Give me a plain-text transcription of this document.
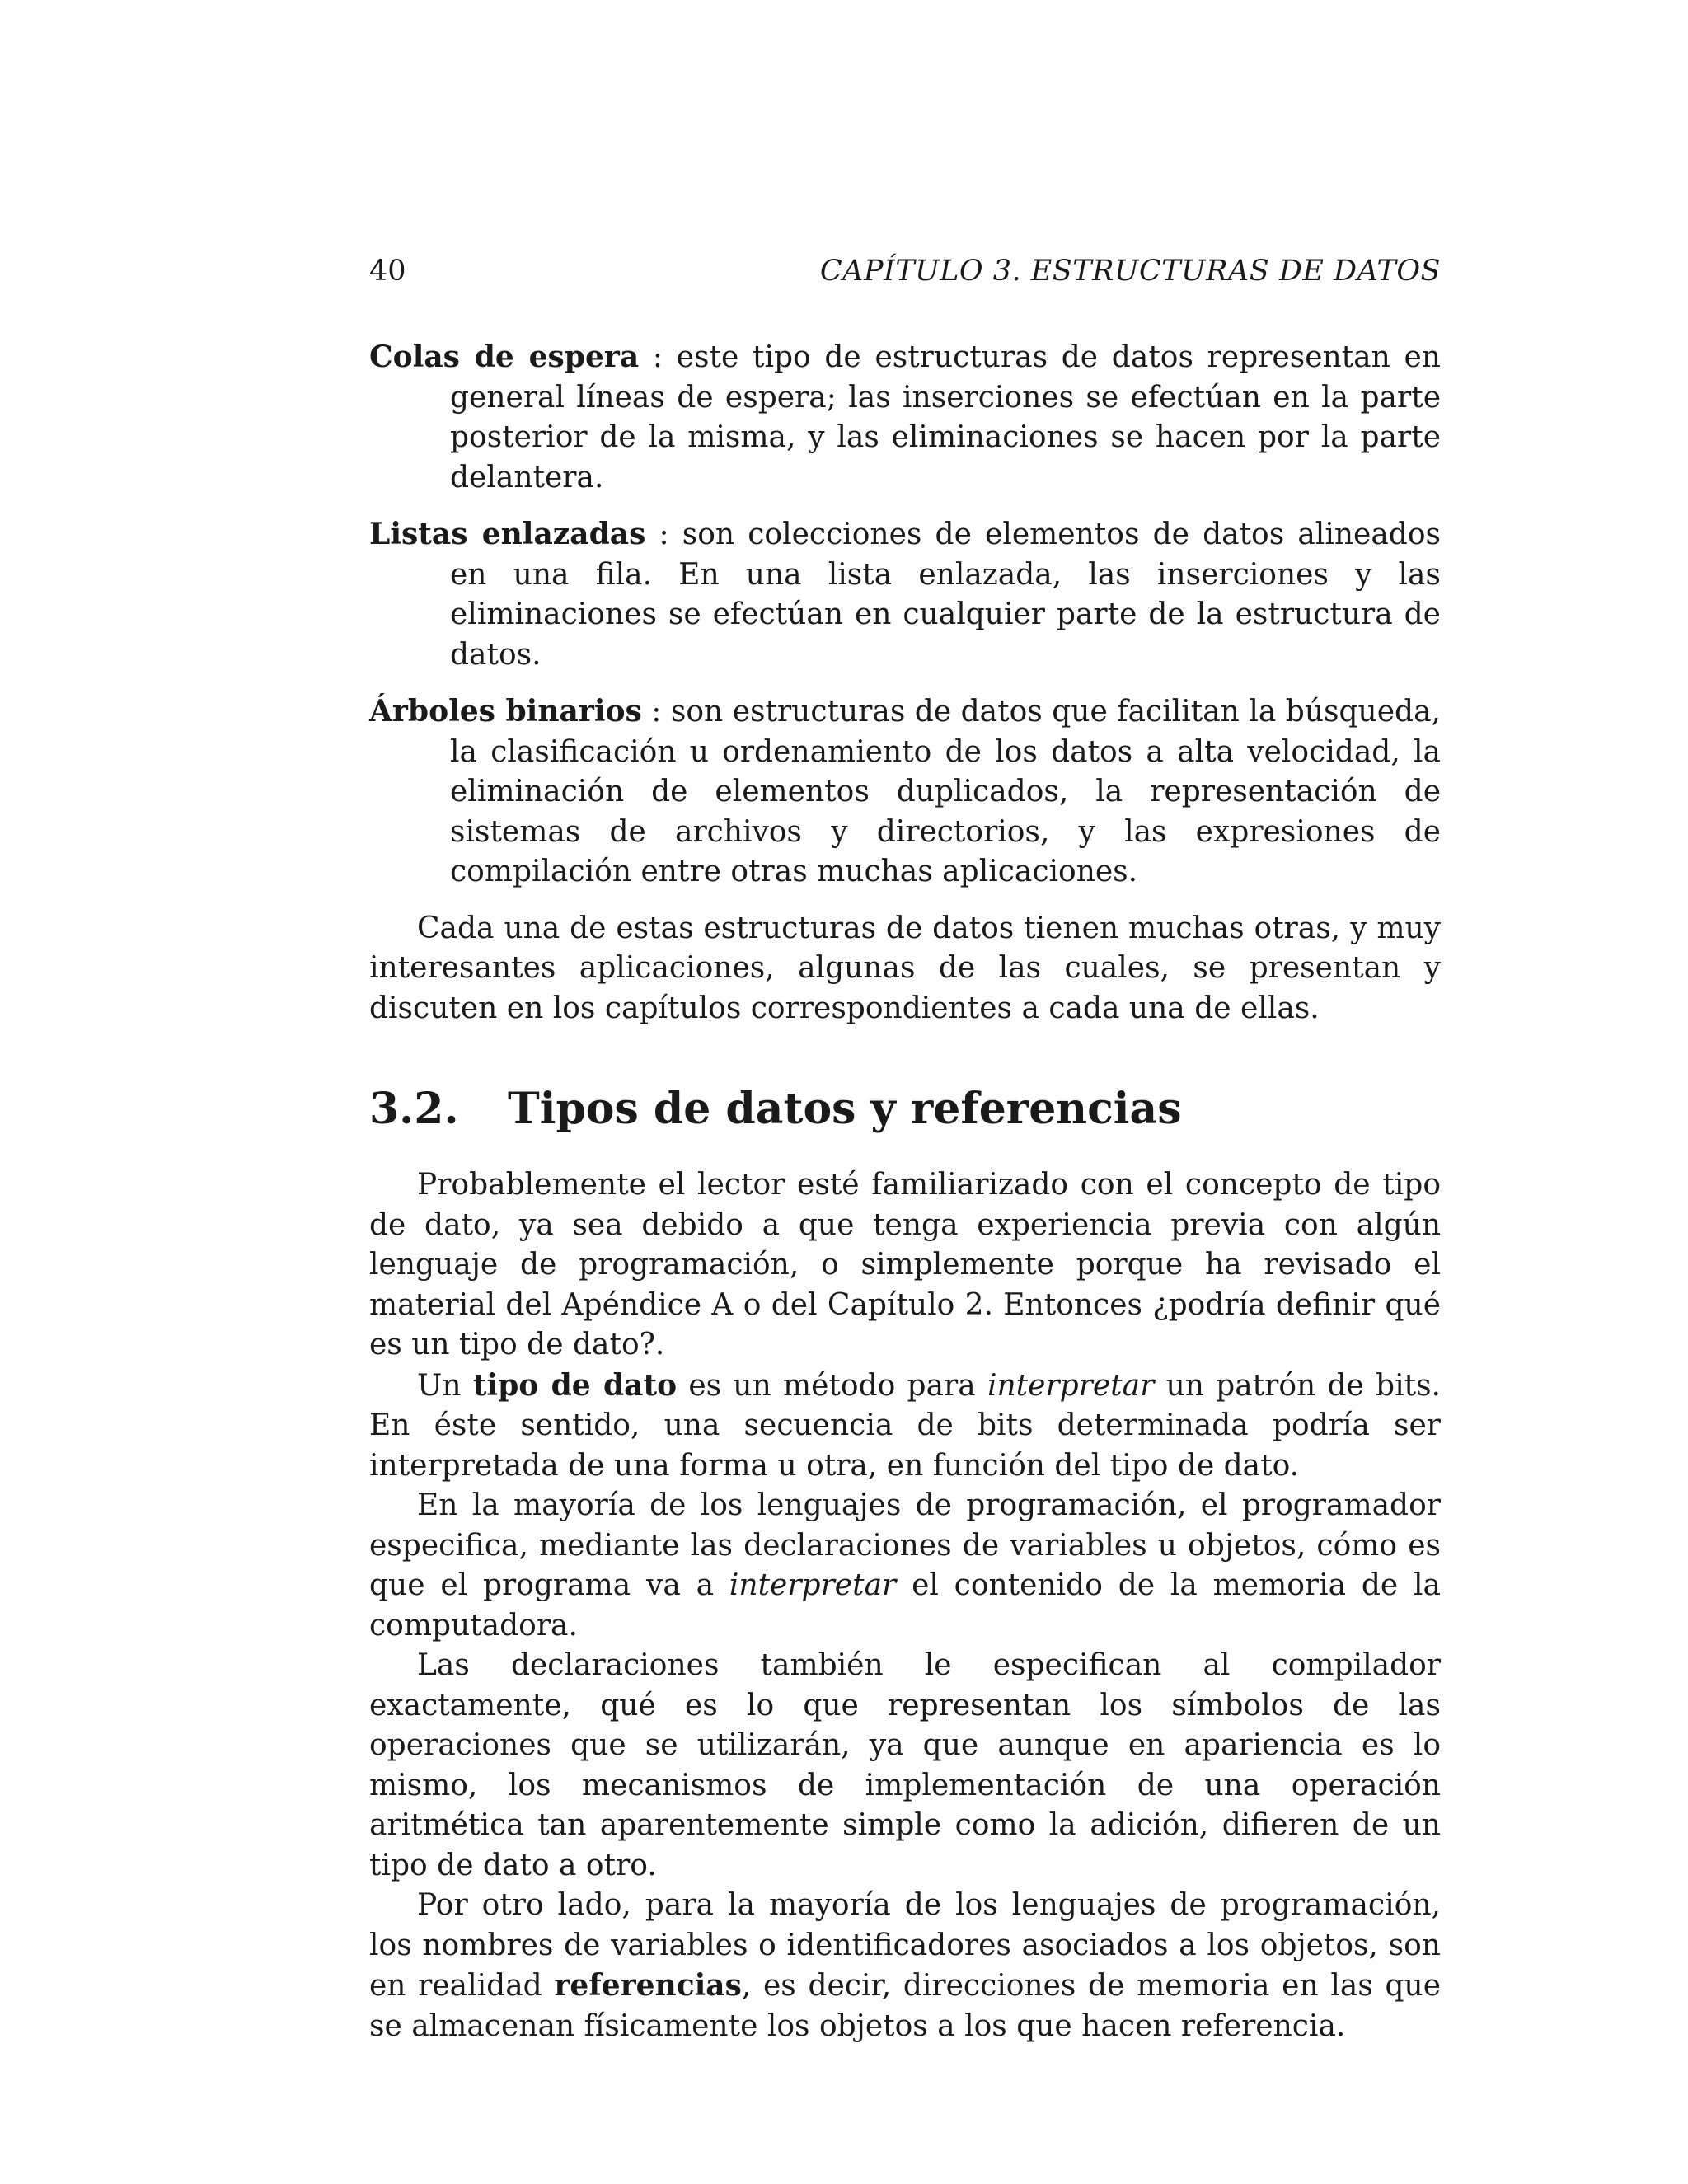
40	CAPÍTULO 3. ESTRUCTURAS DE DATOS

Colas de espera : este tipo de estructuras de datos representan en general líneas de espera; las inserciones se efectúan en la parte posterior de la misma, y las eliminaciones se hacen por la parte delantera.

Listas enlazadas : son colecciones de elementos de datos alineados en una fila. En una lista enlazada, las inserciones y las eliminaciones se efectúan en cualquier parte de la estructura de datos.

Árboles binarios : son estructuras de datos que facilitan la búsqueda, la clasificación u ordenamiento de los datos a alta velocidad, la eliminación de elementos duplicados, la representación de sistemas de archivos y directorios, y las expresiones de compilación entre otras muchas aplicaciones.

Cada una de estas estructuras de datos tienen muchas otras, y muy interesantes aplicaciones, algunas de las cuales, se presentan y discuten en los capítulos correspondientes a cada una de ellas.

3.2.	Tipos de datos y referencias

Probablemente el lector esté familiarizado con el concepto de tipo de dato, ya sea debido a que tenga experiencia previa con algún lenguaje de programación, o simplemente porque ha revisado el material del Apéndice A o del Capítulo 2. Entonces ¿podría definir qué es un tipo de dato?.

Un tipo de dato es un método para interpretar un patrón de bits. En éste sentido, una secuencia de bits determinada podría ser interpretada de una forma u otra, en función del tipo de dato.

En la mayoría de los lenguajes de programación, el programador especifica, mediante las declaraciones de variables u objetos, cómo es que el programa va a interpretar el contenido de la memoria de la computadora.

Las declaraciones también le especifican al compilador exactamente, qué es lo que representan los símbolos de las operaciones que se utilizarán, ya que aunque en apariencia es lo mismo, los mecanismos de implementación de una operación aritmética tan aparentemente simple como la adición, difieren de un tipo de dato a otro.

Por otro lado, para la mayoría de los lenguajes de programación, los nombres de variables o identificadores asociados a los objetos, son en realidad referencias, es decir, direcciones de memoria en las que se almacenan físicamente los objetos a los que hacen referencia.
